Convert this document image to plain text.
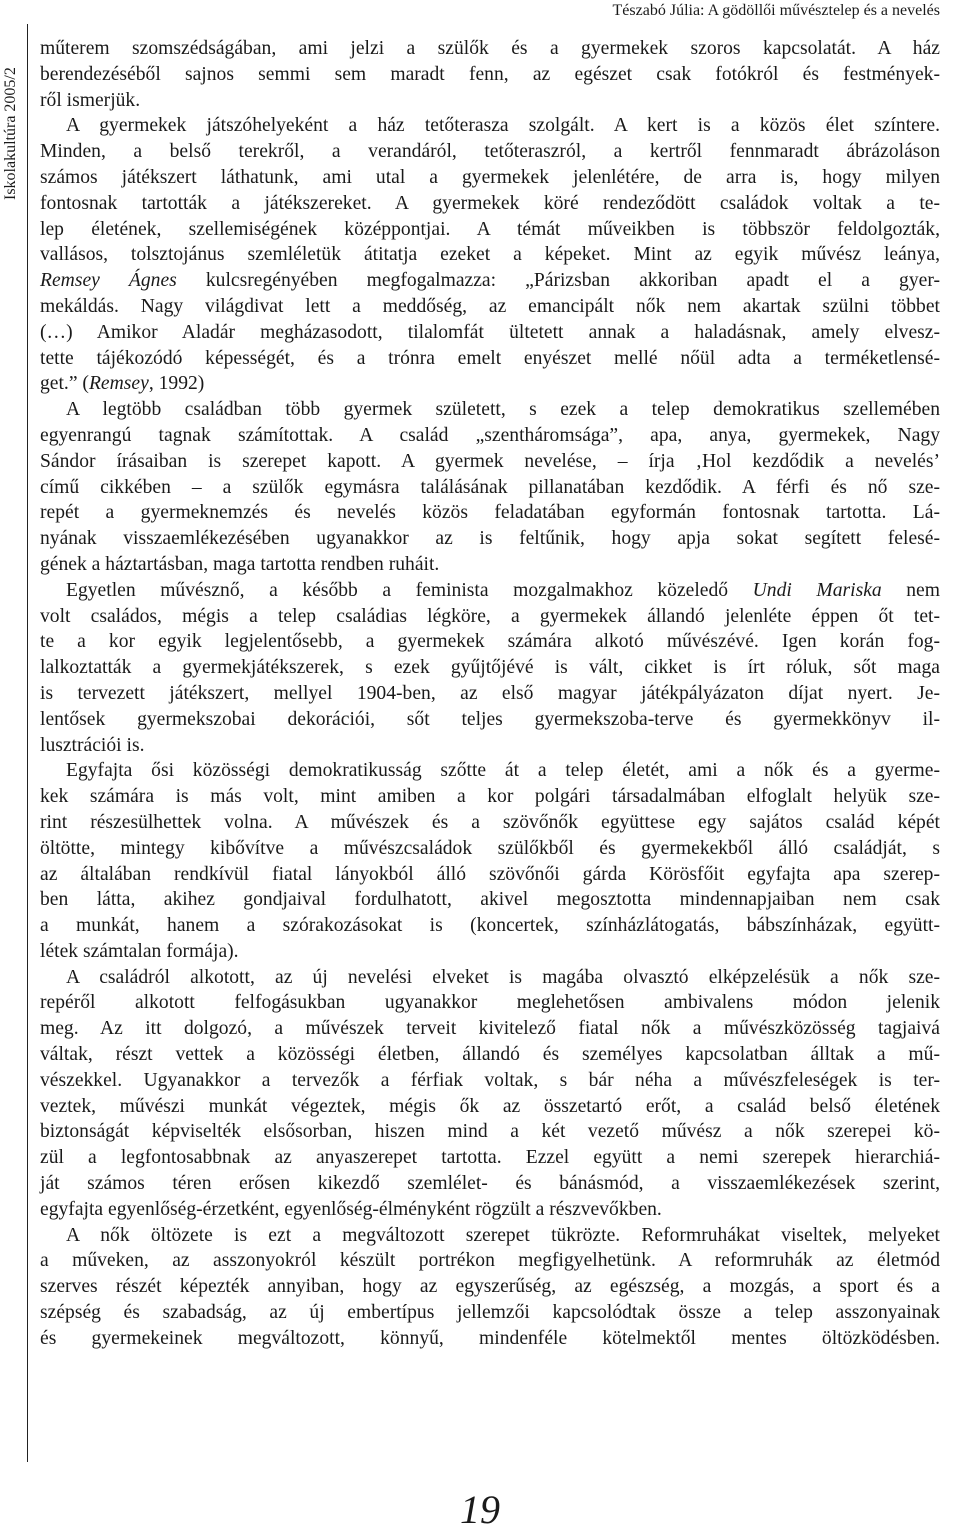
Tészabó Júlia: A gödöllői művésztelep és a nevelés
Iskolakultúra 2005/2
műterem szomszédságában, ami jelzi a szülők és a gyermekek szoros kapcsolatát. A ház
berendezéséből sajnos semmi sem maradt fenn, az egészet csak fotókról és festmények-
ről ismerjük.
A gyermekek játszóhelyeként a ház tetőterasza szolgált. A kert is a közös élet színtere.
Minden, a belső terekről, a verandáról, tetőteraszról, a kertről fennmaradt ábrázoláson
számos játékszert láthatunk, ami utal a gyermekek jelenlétére, de arra is, hogy milyen
fontosnak tartották a játékszereket. A gyermekek köré rendeződött családok voltak a te-
lep életének, szellemiségének középpontjai. A témát műveikben is többször feldolgozták,
vallásos, tolsztojánus szemléletük átitatja ezeket a képeket. Mint az egyik művész leánya,
Remsey Ágnes kulcsregényében megfogalmazza: „Párizsban akkoriban apadt el a gyer-
mekáldás. Nagy világdivat lett a meddőség, az emancipált nők nem akartak szülni többet
(…) Amikor Aladár megházasodott, tilalomfát ültetett annak a haladásnak, amely elvesz-
tette tájékozódó képességét, és a trónra emelt enyészet mellé nőül adta a terméketlensé-
get.” (Remsey, 1992)
A legtöbb családban több gyermek született, s ezek a telep demokratikus szellemében
egyenrangú tagnak számítottak. A család „szentháromsága”, apa, anya, gyermekek, Nagy
Sándor írásaiban is szerepet kapott. A gyermek nevelése, – írja ‚Hol kezdődik a nevelés’
című cikkében – a szülők egymásra találásának pillanatában kezdődik. A férfi és nő sze-
repét a gyermeknemzés és nevelés közös feladatában egyformán fontosnak tartotta. Lá-
nyának visszaemlékezésében ugyanakkor az is feltűnik, hogy apja sokat segített felesé-
gének a háztartásban, maga tartotta rendben ruháit.
Egyetlen művésznő, a később a feminista mozgalmakhoz közeledő Undi Mariska nem
volt családos, mégis a telep családias légköre, a gyermekek állandó jelenléte éppen őt tet-
te a kor egyik legjelentősebb, a gyermekek számára alkotó művészévé. Igen korán fog-
lalkoztatták a gyermekjátékszerek, s ezek gyűjtőjévé is vált, cikket is írt róluk, sőt maga
is tervezett játékszert, mellyel 1904-ben, az első magyar játékpályázaton díjat nyert. Je-
lentősek gyermekszobai dekorációi, sőt teljes gyermekszoba-terve és gyermekkönyv il-
lusztrációi is.
Egyfajta ősi közösségi demokratikusság szőtte át a telep életét, ami a nők és a gyerme-
kek számára is más volt, mint amiben a kor polgári társadalmában elfoglalt helyük sze-
rint részesülhettek volna. A művészek és a szövőnők együttese egy sajátos család képét
öltötte, mintegy kibővítve a művészcsaládok szülőkből és gyermekekből álló családját, s
az általában rendkívül fiatal lányokból álló szövőnői gárda Körösfőit egyfajta apa szerep-
ben látta, akihez gondjaival fordulhatott, akivel megosztotta mindennapjaiban nem csak
a munkát, hanem a szórakozásokat is (koncertek, színházlátogatás, bábszínházak, együtt-
létek számtalan formája).
A családról alkotott, az új nevelési elveket is magába olvasztó elképzelésük a nők sze-
repéről alkotott felfogásukban ugyanakkor meglehetősen ambivalens módon jelenik
meg. Az itt dolgozó, a művészek terveit kivitelező fiatal nők a művészközösség tagjaivá
váltak, részt vettek a közösségi életben, állandó és személyes kapcsolatban álltak a mű-
vészekkel. Ugyanakkor a tervezők a férfiak voltak, s bár néha a művészfeleségek is ter-
veztek, művészi munkát végeztek, mégis ők az összetartó erőt, a család belső életének
biztonságát képviselték elsősorban, hiszen mind a két vezető művész a nők szerepei kö-
zül a legfontosabbnak az anyaszerepet tartotta. Ezzel együtt a nemi szerepek hierarchiá-
ját számos téren erősen kikezdő szemlélet- és bánásmód, a visszaemlékezések szerint,
egyfajta egyenlőség-érzetként, egyenlőség-élményként rögzült a részvevőkben.
A nők öltözete is ezt a megváltozott szerepet tükrözte. Reformruhákat viseltek, melyeket
a műveken, az asszonyokról készült portrékon megfigyelhetünk. A reformruhák az életmód
szerves részét képezték annyiban, hogy az egyszerűség, az egészség, a mozgás, a sport és a
szépség és szabadság, az új embertípus jellemzői kapcsolódtak össze a telep asszonyainak
és gyermekeinek megváltozott, könnyű, mindenféle kötelmektől mentes öltözködésben.
19
